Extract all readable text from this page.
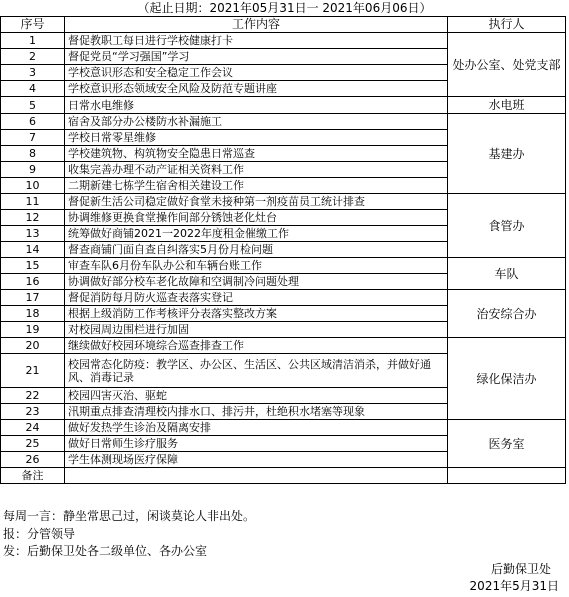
（起止日期：2021年05月31日一 2021年06月06日）
序号	工作内容	执行人
1	督促教职工每日进行学校健康打卡	处办公室、处党支部
2	督促党员“学习强国”学习	
3	学校意识形态和安全稳定工作会议	
4	学校意识形态领域安全风险及防范专题讲座	
5	日常水电维修	水电班
6	宿舍及部分办公楼防水补漏施工	基建办
7	学校日常零星维修	
8	学校建筑物、构筑物安全隐患日常巡查	
9	收集完善办理不动产证相关资料工作	
10	二期新建七栋学生宿舍相关建设工作	
11	督促新生活公司稳定做好食堂未接种第一剂疫苗员工统计排查	食管办
12	协调维修更换食堂操作间部分锈蚀老化灶台	
13	统筹做好商铺2021一2022年度租金催缴工作	
14	督查商铺门面自查自纠落实5月份月检问题	
15	审查车队6月份车队办公和车辆台账工作	车队
16	协调做好部分校车老化故障和空调制冷问题处理	
17	督促消防每月防火巡查表落实登记	治安综合办
18	根据上级消防工作考核评分表落实整改方案	
19	对校园周边围栏进行加固	
20	继续做好校园环境综合巡查排查工作	绿化保洁办
21	校园常态化防疫：教学区、办公区、生活区、公共区域清洁消杀，并做好通风、消毒记录	
22	校园四害灭治、驱蛇	
23	汛期重点排查清理校内排水口、排污井，杜绝积水堵塞等现象	
24	做好发热学生诊治及隔离安排	医务室
25	做好日常师生诊疗服务	
26	学生体测现场医疗保障	
备注		
每周一言：静坐常思己过，闲谈莫论人非出处。
报：分管领导
发：后勤保卫处各二级单位、各办公室
后勤保卫处
2021年5月31日
